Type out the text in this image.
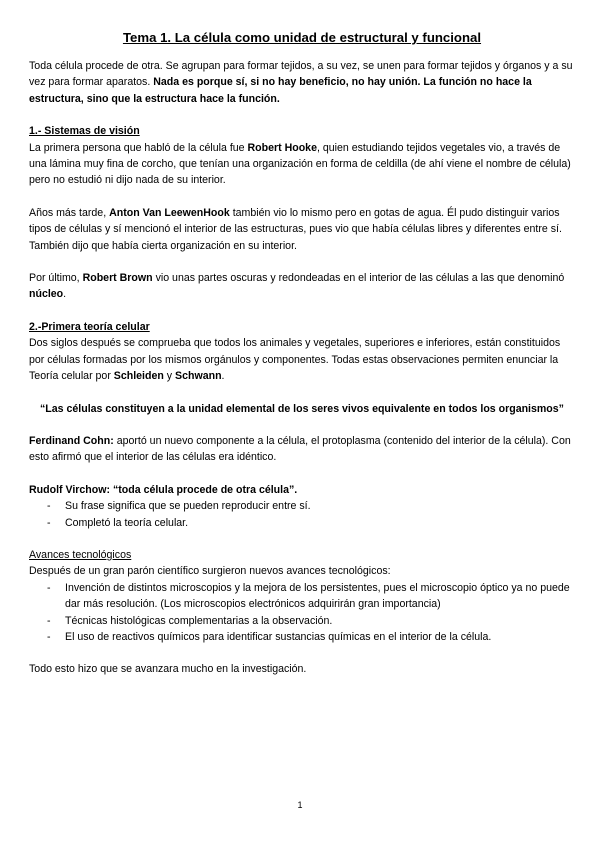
Tema 1. La célula como unidad de estructural y funcional

Toda célula procede de otra. Se agrupan para formar tejidos, a su vez, se unen para formar tejidos y órganos y a su vez para formar aparatos. Nada es porque sí, si no hay beneficio, no hay unión. La función no hace la estructura, sino que la estructura hace la función.

1.- Sistemas de visión

La primera persona que habló de la célula fue Robert Hooke, quien estudiando tejidos vegetales vio, a través de una lámina muy fina de corcho, que tenían una organización en forma de celdilla (de ahí viene el nombre de célula) pero no estudió ni dijo nada de su interior.

Años más tarde, Anton Van LeewenHook también vio lo mismo pero en gotas de agua. Él pudo distinguir varios tipos de células y sí mencionó el interior de las estructuras, pues vio que había células libres y diferentes entre sí. También dijo que había cierta organización en su interior.

Por último, Robert Brown vio unas partes oscuras y redondeadas en el interior de las células a las que denominó núcleo.

2.-Primera teoría celular

Dos siglos después se comprueba que todos los animales y vegetales, superiores e inferiores, están constituidos por células formadas por los mismos orgánulos y componentes. Todas estas observaciones permiten enunciar la Teoría celular por Schleiden y Schwann.

“Las células constituyen a la unidad elemental de los seres vivos equivalente en todos los organismos”

Ferdinand Cohn: aportó un nuevo componente a la célula, el protoplasma (contenido del interior de la célula). Con esto afirmó que el interior de las células era idéntico.

Rudolf Virchow: “toda célula procede de otra célula”.

- Su frase significa que se pueden reproducir entre sí.
- Completó la teoría celular.

Avances tecnológicos

Después de un gran parón científico surgieron nuevos avances tecnológicos:

- Invención de distintos microscopios y la mejora de los persistentes, pues el microscopio óptico ya no puede dar más resolución. (Los microscopios electrónicos adquirirán gran importancia)
- Técnicas histológicas complementarias a la observación.
- El uso de reactivos químicos para identificar sustancias químicas en el interior de la célula.

Todo esto hizo que se avanzara mucho en la investigación.

1
